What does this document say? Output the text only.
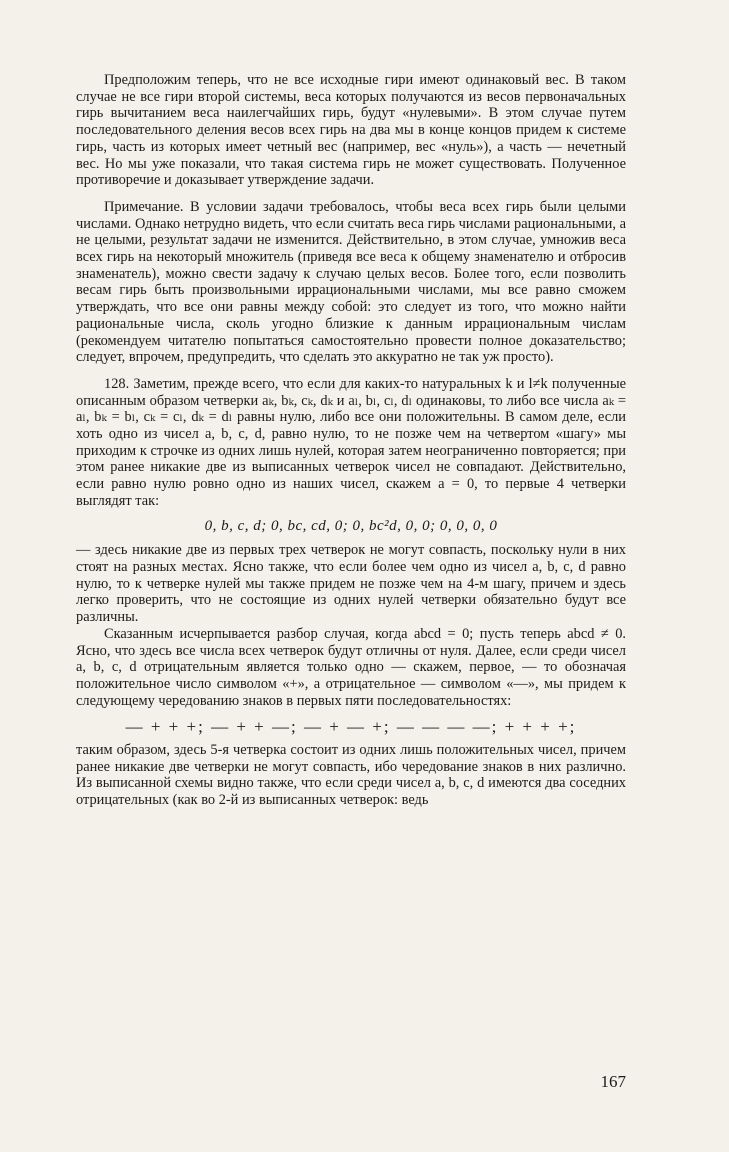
Предположим теперь, что не все исходные гири имеют одинаковый вес. В таком случае не все гири второй системы, веса которых получаются из весов первоначальных гирь вычитанием веса наилегчайших гирь, будут «нулевыми». В этом случае путем последовательного деления весов всех гирь на два мы в конце концов придем к системе гирь, часть из которых имеет четный вес (например, вес «нуль»), а часть — нечетный вес. Но мы уже показали, что такая система гирь не может существовать. Полученное противоречие и доказывает утверждение задачи.

Примечание. В условии задачи требовалось, чтобы веса всех гирь были целыми числами. Однако нетрудно видеть, что если считать веса гирь числами рациональными, а не целыми, результат задачи не изменится. Действительно, в этом случае, умножив веса всех гирь на некоторый множитель (приведя все веса к общему знаменателю и отбросив знаменатель), можно свести задачу к случаю целых весов. Более того, если позволить весам гирь быть произвольными иррациональными числами, мы все равно сможем утверждать, что все они равны между собой: это следует из того, что можно найти рациональные числа, сколь угодно близкие к данным иррациональным числам (рекомендуем читателю попытаться самостоятельно провести полное доказательство; следует, впрочем, предупредить, что сделать это аккуратно не так уж просто).

128. Заметим, прежде всего, что если для каких-то натуральных k и l≠k полученные описанным образом четверки aₖ, bₖ, cₖ, dₖ и aₗ, bₗ, cₗ, dₗ одинаковы, то либо все числа aₖ = aₗ, bₖ = bₗ, cₖ = cₗ, dₖ = dₗ равны нулю, либо все они положительны. В самом деле, если хоть одно из чисел a, b, c, d, равно нулю, то не позже чем на четвертом «шагу» мы приходим к строчке из одних лишь нулей, которая затем неограниченно повторяется; при этом ранее никакие две из выписанных четверок чисел не совпадают. Действительно, если равно нулю ровно одно из наших чисел, скажем a = 0, то первые 4 четверки выглядят так:

0, b, c, d; 0, bc, cd, 0; 0, bc²d, 0, 0; 0, 0, 0, 0

— здесь никакие две из первых трех четверок не могут совпасть, поскольку нули в них стоят на разных местах. Ясно также, что если более чем одно из чисел a, b, c, d равно нулю, то к четверке нулей мы также придем не позже чем на 4-м шагу, причем и здесь легко проверить, что не состоящие из одних нулей четверки обязательно будут все различны.

Сказанным исчерпывается разбор случая, когда abcd = 0; пусть теперь abcd ≠ 0. Ясно, что здесь все числа всех четверок будут отличны от нуля. Далее, если среди чисел a, b, c, d отрицательным является только одно — скажем, первое, — то обозначая положительное число символом «+», а отрицательное — символом «—», мы придем к следующему чередованию знаков в первых пяти последовательностях:

— + + +; — + + —; — + — +; — — — —; + + + +;

таким образом, здесь 5-я четверка состоит из одних лишь положительных чисел, причем ранее никакие две четверки не могут совпасть, ибо чередование знаков в них различно. Из выписанной схемы видно также, что если среди чисел a, b, c, d имеются два соседних отрицательных (как во 2-й из выписанных четверок: ведь

167
